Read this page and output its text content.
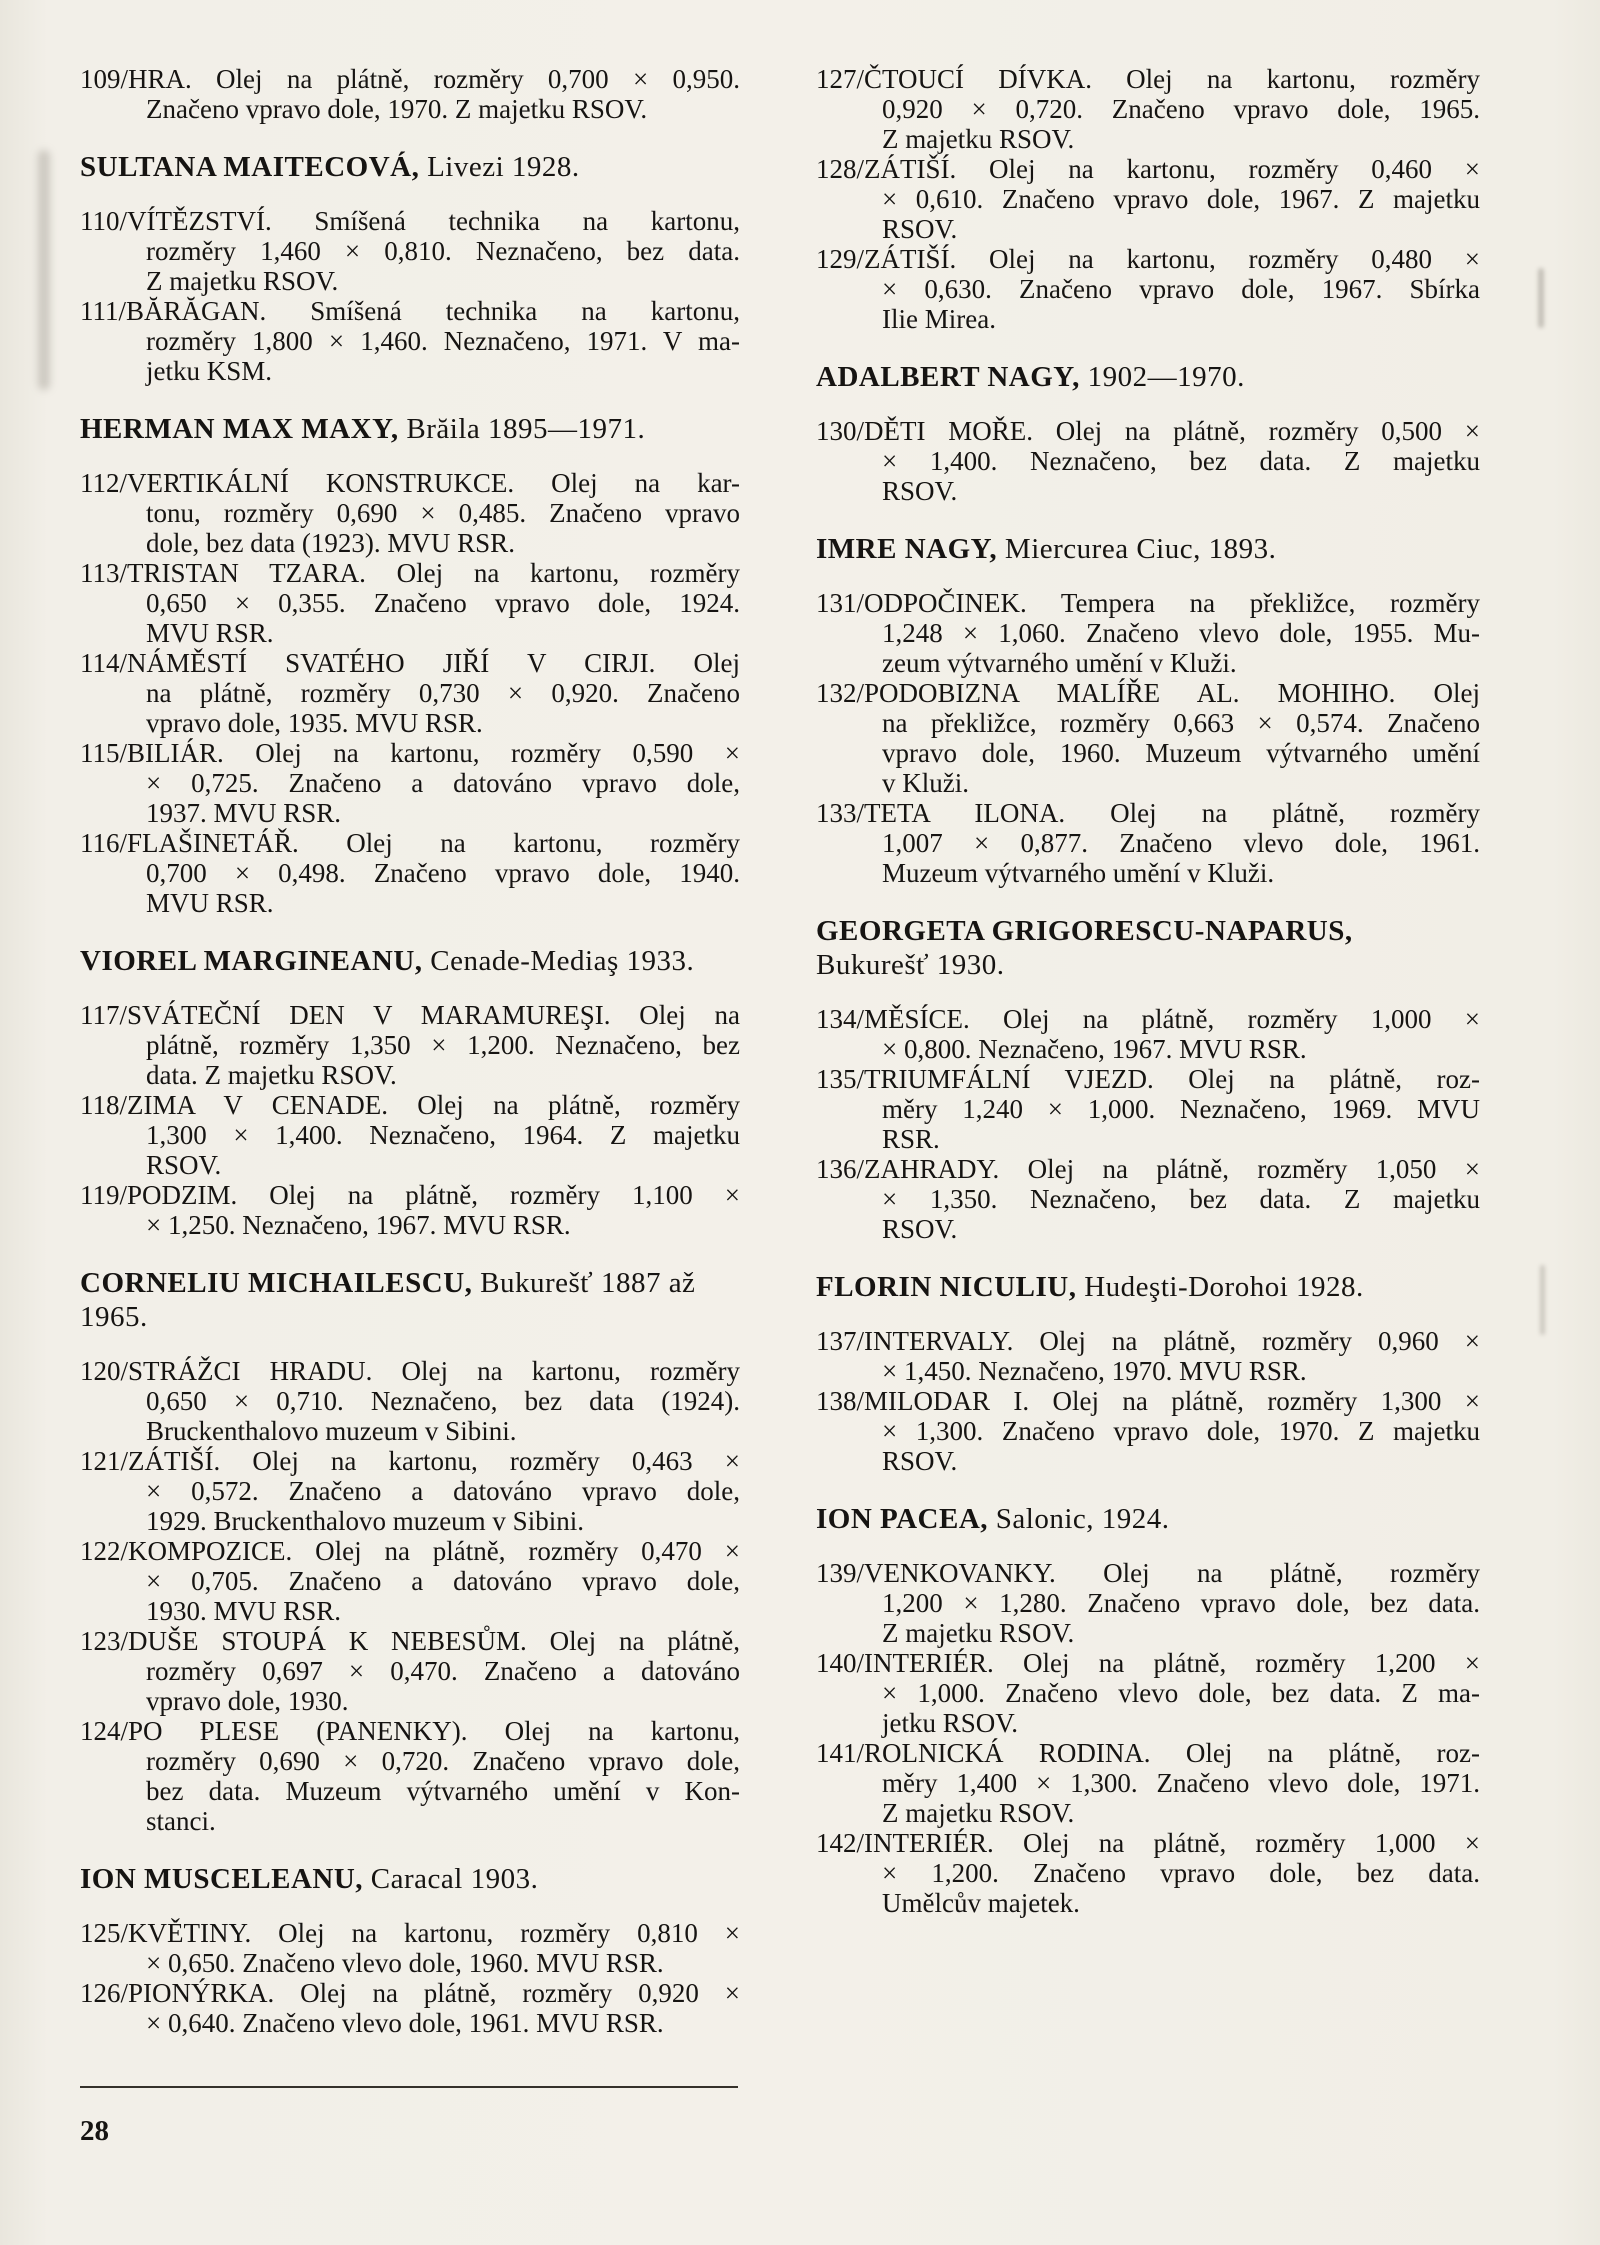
109/HRA. Olej na plátně, rozměry 0,700 × 0,950.
Značeno vpravo dole, 1970. Z majetku RSOV.
SULTANA MAITECOVÁ, Livezi 1928.
110/VÍTĚZSTVÍ. Smíšená technika na kartonu,
rozměry 1,460 × 0,810. Neznačeno, bez data.
Z majetku RSOV.
111/BĂRĂGAN. Smíšená technika na kartonu,
rozměry 1,800 × 1,460. Neznačeno, 1971. V ma-
jetku KSM.
HERMAN MAX MAXY, Brăila 1895—1971.
112/VERTIKÁLNÍ KONSTRUKCE. Olej na kar-
tonu, rozměry 0,690 × 0,485. Značeno vpravo
dole, bez data (1923). MVU RSR.
113/TRISTAN TZARA. Olej na kartonu, rozměry
0,650 × 0,355. Značeno vpravo dole, 1924.
MVU RSR.
114/NÁMĚSTÍ SVATÉHO JIŘÍ V CIRJI. Olej
na plátně, rozměry 0,730 × 0,920. Značeno
vpravo dole, 1935. MVU RSR.
115/BILIÁR. Olej na kartonu, rozměry 0,590 ×
× 0,725. Značeno a datováno vpravo dole,
1937. MVU RSR.
116/FLAŠINETÁŘ. Olej na kartonu, rozměry
0,700 × 0,498. Značeno vpravo dole, 1940.
MVU RSR.
VIOREL MARGINEANU, Cenade-Mediaş 1933.
117/SVÁTEČNÍ DEN V MARAMUREŞI. Olej na
plátně, rozměry 1,350 × 1,200. Neznačeno, bez
data. Z majetku RSOV.
118/ZIMA V CENADE. Olej na plátně, rozměry
1,300 × 1,400. Neznačeno, 1964. Z majetku
RSOV.
119/PODZIM. Olej na plátně, rozměry 1,100 ×
× 1,250. Neznačeno, 1967. MVU RSR.
CORNELIU MICHAILESCU, Bukurešť 1887 až
1965.
120/STRÁŽCI HRADU. Olej na kartonu, rozměry
0,650 × 0,710. Neznačeno, bez data (1924).
Bruckenthalovo muzeum v Sibini.
121/ZÁTIŠÍ. Olej na kartonu, rozměry 0,463 ×
× 0,572. Značeno a datováno vpravo dole,
1929. Bruckenthalovo muzeum v Sibini.
122/KOMPOZICE. Olej na plátně, rozměry 0,470 ×
× 0,705. Značeno a datováno vpravo dole,
1930. MVU RSR.
123/DUŠE STOUPÁ K NEBESŮM. Olej na plátně,
rozměry 0,697 × 0,470. Značeno a datováno
vpravo dole, 1930.
124/PO PLESE (PANENKY). Olej na kartonu,
rozměry 0,690 × 0,720. Značeno vpravo dole,
bez data. Muzeum výtvarného umění v Kon-
stanci.
ION MUSCELEANU, Caracal 1903.
125/KVĚTINY. Olej na kartonu, rozměry 0,810 ×
× 0,650. Značeno vlevo dole, 1960. MVU RSR.
126/PIONÝRKA. Olej na plátně, rozměry 0,920 ×
× 0,640. Značeno vlevo dole, 1961. MVU RSR.
127/ČTOUCÍ DÍVKA. Olej na kartonu, rozměry
0,920 × 0,720. Značeno vpravo dole, 1965.
Z majetku RSOV.
128/ZÁTIŠÍ. Olej na kartonu, rozměry 0,460 ×
× 0,610. Značeno vpravo dole, 1967. Z majetku
RSOV.
129/ZÁTIŠÍ. Olej na kartonu, rozměry 0,480 ×
× 0,630. Značeno vpravo dole, 1967. Sbírka
Ilie Mirea.
ADALBERT NAGY, 1902—1970.
130/DĚTI MOŘE. Olej na plátně, rozměry 0,500 ×
× 1,400. Neznačeno, bez data. Z majetku
RSOV.
IMRE NAGY, Miercurea Ciuc, 1893.
131/ODPOČINEK. Tempera na překližce, rozměry
1,248 × 1,060. Značeno vlevo dole, 1955. Mu-
zeum výtvarného umění v Kluži.
132/PODOBIZNA MALÍŘE AL. MOHIHO. Olej
na překližce, rozměry 0,663 × 0,574. Značeno
vpravo dole, 1960. Muzeum výtvarného umění
v Kluži.
133/TETA ILONA. Olej na plátně, rozměry
1,007 × 0,877. Značeno vlevo dole, 1961.
Muzeum výtvarného umění v Kluži.
GEORGETA GRIGORESCU-NAPARUS,
Bukurešť 1930.
134/MĚSÍCE. Olej na plátně, rozměry 1,000 ×
× 0,800. Neznačeno, 1967. MVU RSR.
135/TRIUMFÁLNÍ VJEZD. Olej na plátně, roz-
měry 1,240 × 1,000. Neznačeno, 1969. MVU
RSR.
136/ZAHRADY. Olej na plátně, rozměry 1,050 ×
× 1,350. Neznačeno, bez data. Z majetku
RSOV.
FLORIN NICULIU, Hudeşti-Dorohoi 1928.
137/INTERVALY. Olej na plátně, rozměry 0,960 ×
× 1,450. Neznačeno, 1970. MVU RSR.
138/MILODAR I. Olej na plátně, rozměry 1,300 ×
× 1,300. Značeno vpravo dole, 1970. Z majetku
RSOV.
ION PACEA, Salonic, 1924.
139/VENKOVANKY. Olej na plátně, rozměry
1,200 × 1,280. Značeno vpravo dole, bez data.
Z majetku RSOV.
140/INTERIÉR. Olej na plátně, rozměry 1,200 ×
× 1,000. Značeno vlevo dole, bez data. Z ma-
jetku RSOV.
141/ROLNICKÁ RODINA. Olej na plátně, roz-
měry 1,400 × 1,300. Značeno vlevo dole, 1971.
Z majetku RSOV.
142/INTERIÉR. Olej na plátně, rozměry 1,000 ×
× 1,200. Značeno vpravo dole, bez data.
Umělcův majetek.
28
